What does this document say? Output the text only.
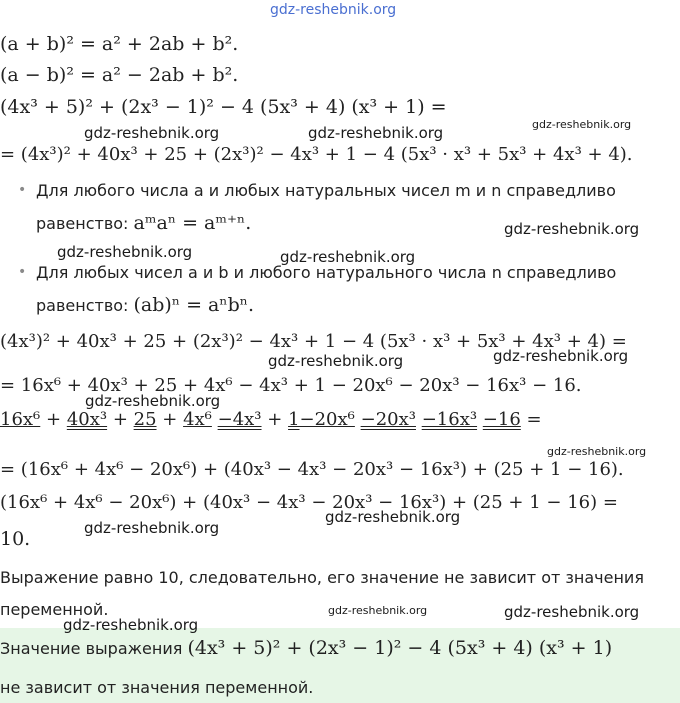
gdz-reshebnik.org
(a + b)² = a² + 2ab + b².
(a − b)² = a² − 2ab + b².
(4x³ + 5)² + (2x³ − 1)² − 4 (5x³ + 4) (x³ + 1) =
gdz-reshebnik.org	gdz-reshebnik.org	gdz-reshebnik.org
= (4x³)² + 40x³ + 25 + (2x³)² − 4x³ + 1 − 4 (5x³ · x³ + 5x³ + 4x³ + 4).
• Для любого числа a и любых натуральных чисел m и n справедливо
равенство: aᵐaⁿ = aᵐ⁺ⁿ.	gdz-reshebnik.org
gdz-reshebnik.org	gdz-reshebnik.org
• Для любых чисел a и b и любого натурального числа n справедливо
равенство: (ab)ⁿ = aⁿbⁿ.
(4x³)² + 40x³ + 25 + (2x³)² − 4x³ + 1 − 4 (5x³ · x³ + 5x³ + 4x³ + 4) =
gdz-reshebnik.org	gdz-reshebnik.org
= 16x⁶ + 40x³ + 25 + 4x⁶ − 4x³ + 1 − 20x⁶ − 20x³ − 16x³ − 16.
gdz-reshebnik.org
16x⁶ + 40x³ + 25 + 4x⁶ −4x³ + 1−20x⁶ −20x³ −16x³ −16 =
gdz-reshebnik.org
= (16x⁶ + 4x⁶ − 20x⁶) + (40x³ − 4x³ − 20x³ − 16x³) + (25 + 1 − 16).
(16x⁶ + 4x⁶ − 20x⁶) + (40x³ − 4x³ − 20x³ − 16x³) + (25 + 1 − 16) =
gdz-reshebnik.org
gdz-reshebnik.org
10.
Выражение равно 10, следовательно, его значение не зависит от значения
переменной.	gdz-reshebnik.org	gdz-reshebnik.org
gdz-reshebnik.org
Значение выражения (4x³ + 5)² + (2x³ − 1)² − 4 (5x³ + 4) (x³ + 1)
не зависит от значения переменной.
